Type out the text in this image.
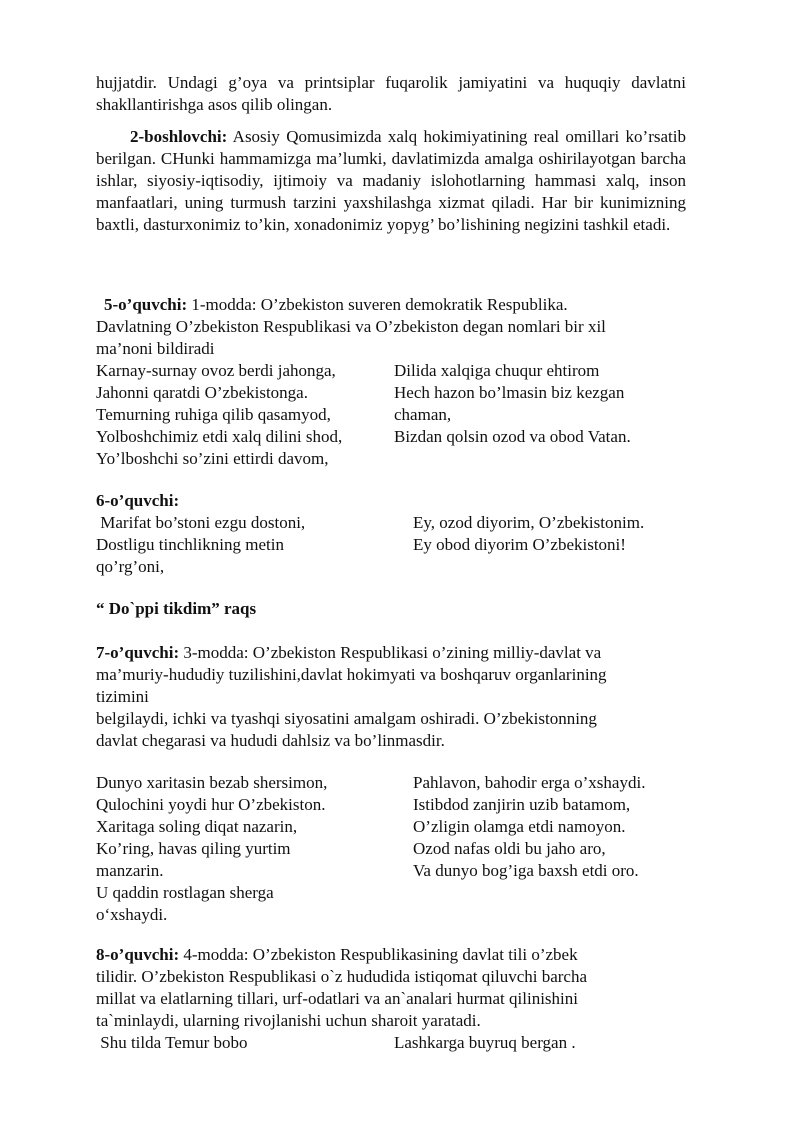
hujjatdir. Undagi g’oya va printsiplar fuqarolik jamiyatini va huquqiy davlatni shakllantirishga asos qilib olingan.

2-boshlovchi: Asosiy Qomusimizda xalq hokimiyatining real omillari ko’rsatib berilgan. CHunki hammamizga ma’lumki, davlatimizda amalga oshirilayotgan barcha ishlar, siyosiy-iqtisodiy, ijtimoiy va madaniy islohotlarning hammasi xalq, inson manfaatlari, uning turmush tarzini yaxshilashga xizmat qiladi. Har bir kunimizning baxtli, dasturxonimiz to’kin, xonadonimiz yopyg’ bo’lishining negizini tashkil etadi.

5-o’quvchi: 1-modda: O’zbekiston suveren demokratik Respublika.

Davlatning O’zbekiston Respublikasi va O’zbekiston degan nomlari bir xil

ma’noni bildiradi

Karnay-surnay ovoz berdi jahonga,

Jahonni qaratdi O’zbekistonga.

Temurning ruhiga qilib qasamyod,

Yolboshchimiz etdi xalq dilini shod,

Yo’lboshchi so’zini ettirdi davom,

Dilida xalqiga chuqur ehtirom

Hech hazon bo’lmasin biz kezgan

chaman,

Bizdan qolsin ozod va obod Vatan.

6-o’quvchi:

Marifat bo’stoni ezgu dostoni,

Dostligu tinchlikning metin

qo’rg’oni,

Ey, ozod diyorim, O’zbekistonim.

Ey obod diyorim O’zbekistoni!

“ Do`ppi tikdim” raqs

7-o’quvchi: 3-modda: O’zbekiston Respublikasi o’zining milliy-davlat va

ma’muriy-hududiy tuzilishini,davlat hokimyati va boshqaruv organlarining

tizimini

belgilaydi, ichki va tyashqi siyosatini amalgam oshiradi. O’zbekistonning

davlat chegarasi va hududi dahlsiz va bo’linmasdir.

Dunyo xaritasin bezab shersimon,

Qulochini yoydi hur O’zbekiston.

Xaritaga soling diqat nazarin,

Ko’ring, havas qiling yurtim

manzarin.

U qaddin rostlagan sherga

o‘xshaydi.

Pahlavon, bahodir erga o’xshaydi.

Istibdod zanjirin uzib batamom,

O’zligin olamga etdi namoyon.

Ozod nafas oldi bu jaho aro,

Va dunyo bog’iga baxsh etdi oro.

8-o’quvchi: 4-modda: O’zbekiston Respublikasining davlat tili o’zbek

tilidir. O’zbekiston Respublikasi o`z hududida istiqomat qiluvchi barcha

millat va elatlarning tillari, urf-odatlari va an`analari hurmat qilinishini

ta`minlaydi, ularning rivojlanishi uchun sharoit yaratadi.

Shu tilda Temur bobo	Lashkarga buyruq bergan .
